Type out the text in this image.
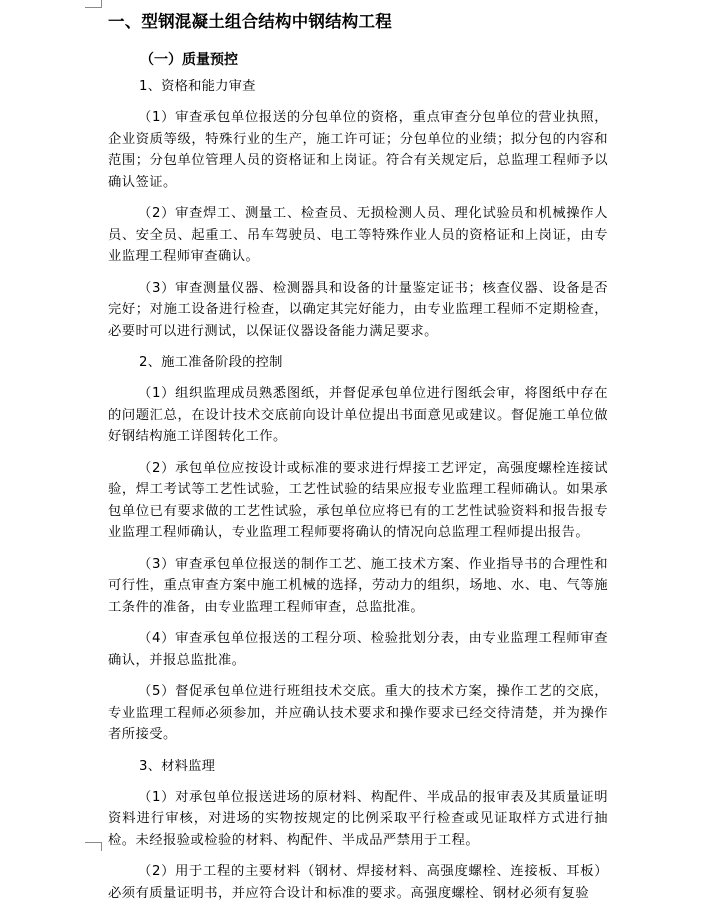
一、型钢混凝土组合结构中钢结构工程
（一）质量预控
1、资格和能力审查
（1）审查承包单位报送的分包单位的资格，重点审查分包单位的营业执照，企业资质等级，特殊行业的生产，施工许可证；分包单位的业绩；拟分包的内容和范围；分包单位管理人员的资格证和上岗证。符合有关规定后，总监理工程师予以确认签证。
（2）审查焊工、测量工、检查员、无损检测人员、理化试验员和机械操作人员、安全员、起重工、吊车驾驶员、电工等特殊作业人员的资格证和上岗证，由专业监理工程师审查确认。
（3）审查测量仪器、检测器具和设备的计量鉴定证书；核查仪器、设备是否完好；对施工设备进行检查，以确定其完好能力，由专业监理工程师不定期检查，必要时可以进行测试，以保证仪器设备能力满足要求。
2、施工准备阶段的控制
（1）组织监理成员熟悉图纸，并督促承包单位进行图纸会审，将图纸中存在的问题汇总，在设计技术交底前向设计单位提出书面意见或建议。督促施工单位做好钢结构施工详图转化工作。
（2）承包单位应按设计或标准的要求进行焊接工艺评定，高强度螺栓连接试验，焊工考试等工艺性试验，工艺性试验的结果应报专业监理工程师确认。如果承包单位已有要求做的工艺性试验，承包单位应将已有的工艺性试验资料和报告报专业监理工程师确认，专业监理工程师要将确认的情况向总监理工程师提出报告。
（3）审查承包单位报送的制作工艺、施工技术方案、作业指导书的合理性和可行性，重点审查方案中施工机械的选择，劳动力的组织，场地、水、电、气等施工条件的准备，由专业监理工程师审查，总监批准。
（4）审查承包单位报送的工程分项、检验批划分表，由专业监理工程师审查确认，并报总监批准。
（5）督促承包单位进行班组技术交底。重大的技术方案，操作工艺的交底，专业监理工程师必须参加，并应确认技术要求和操作要求已经交待清楚，并为操作者所接受。
3、材料监理
（1）对承包单位报送进场的原材料、构配件、半成品的报审表及其质量证明资料进行审核，对进场的实物按规定的比例采取平行检查或见证取样方式进行抽检。未经报验或检验的材料、构配件、半成品严禁用于工程。
（2）用于工程的主要材料（钢材、焊接材料、高强度螺栓、连接板、耳板）必须有质量证明书，并应符合设计和标准的要求。高强度螺栓、钢材必须有复验
